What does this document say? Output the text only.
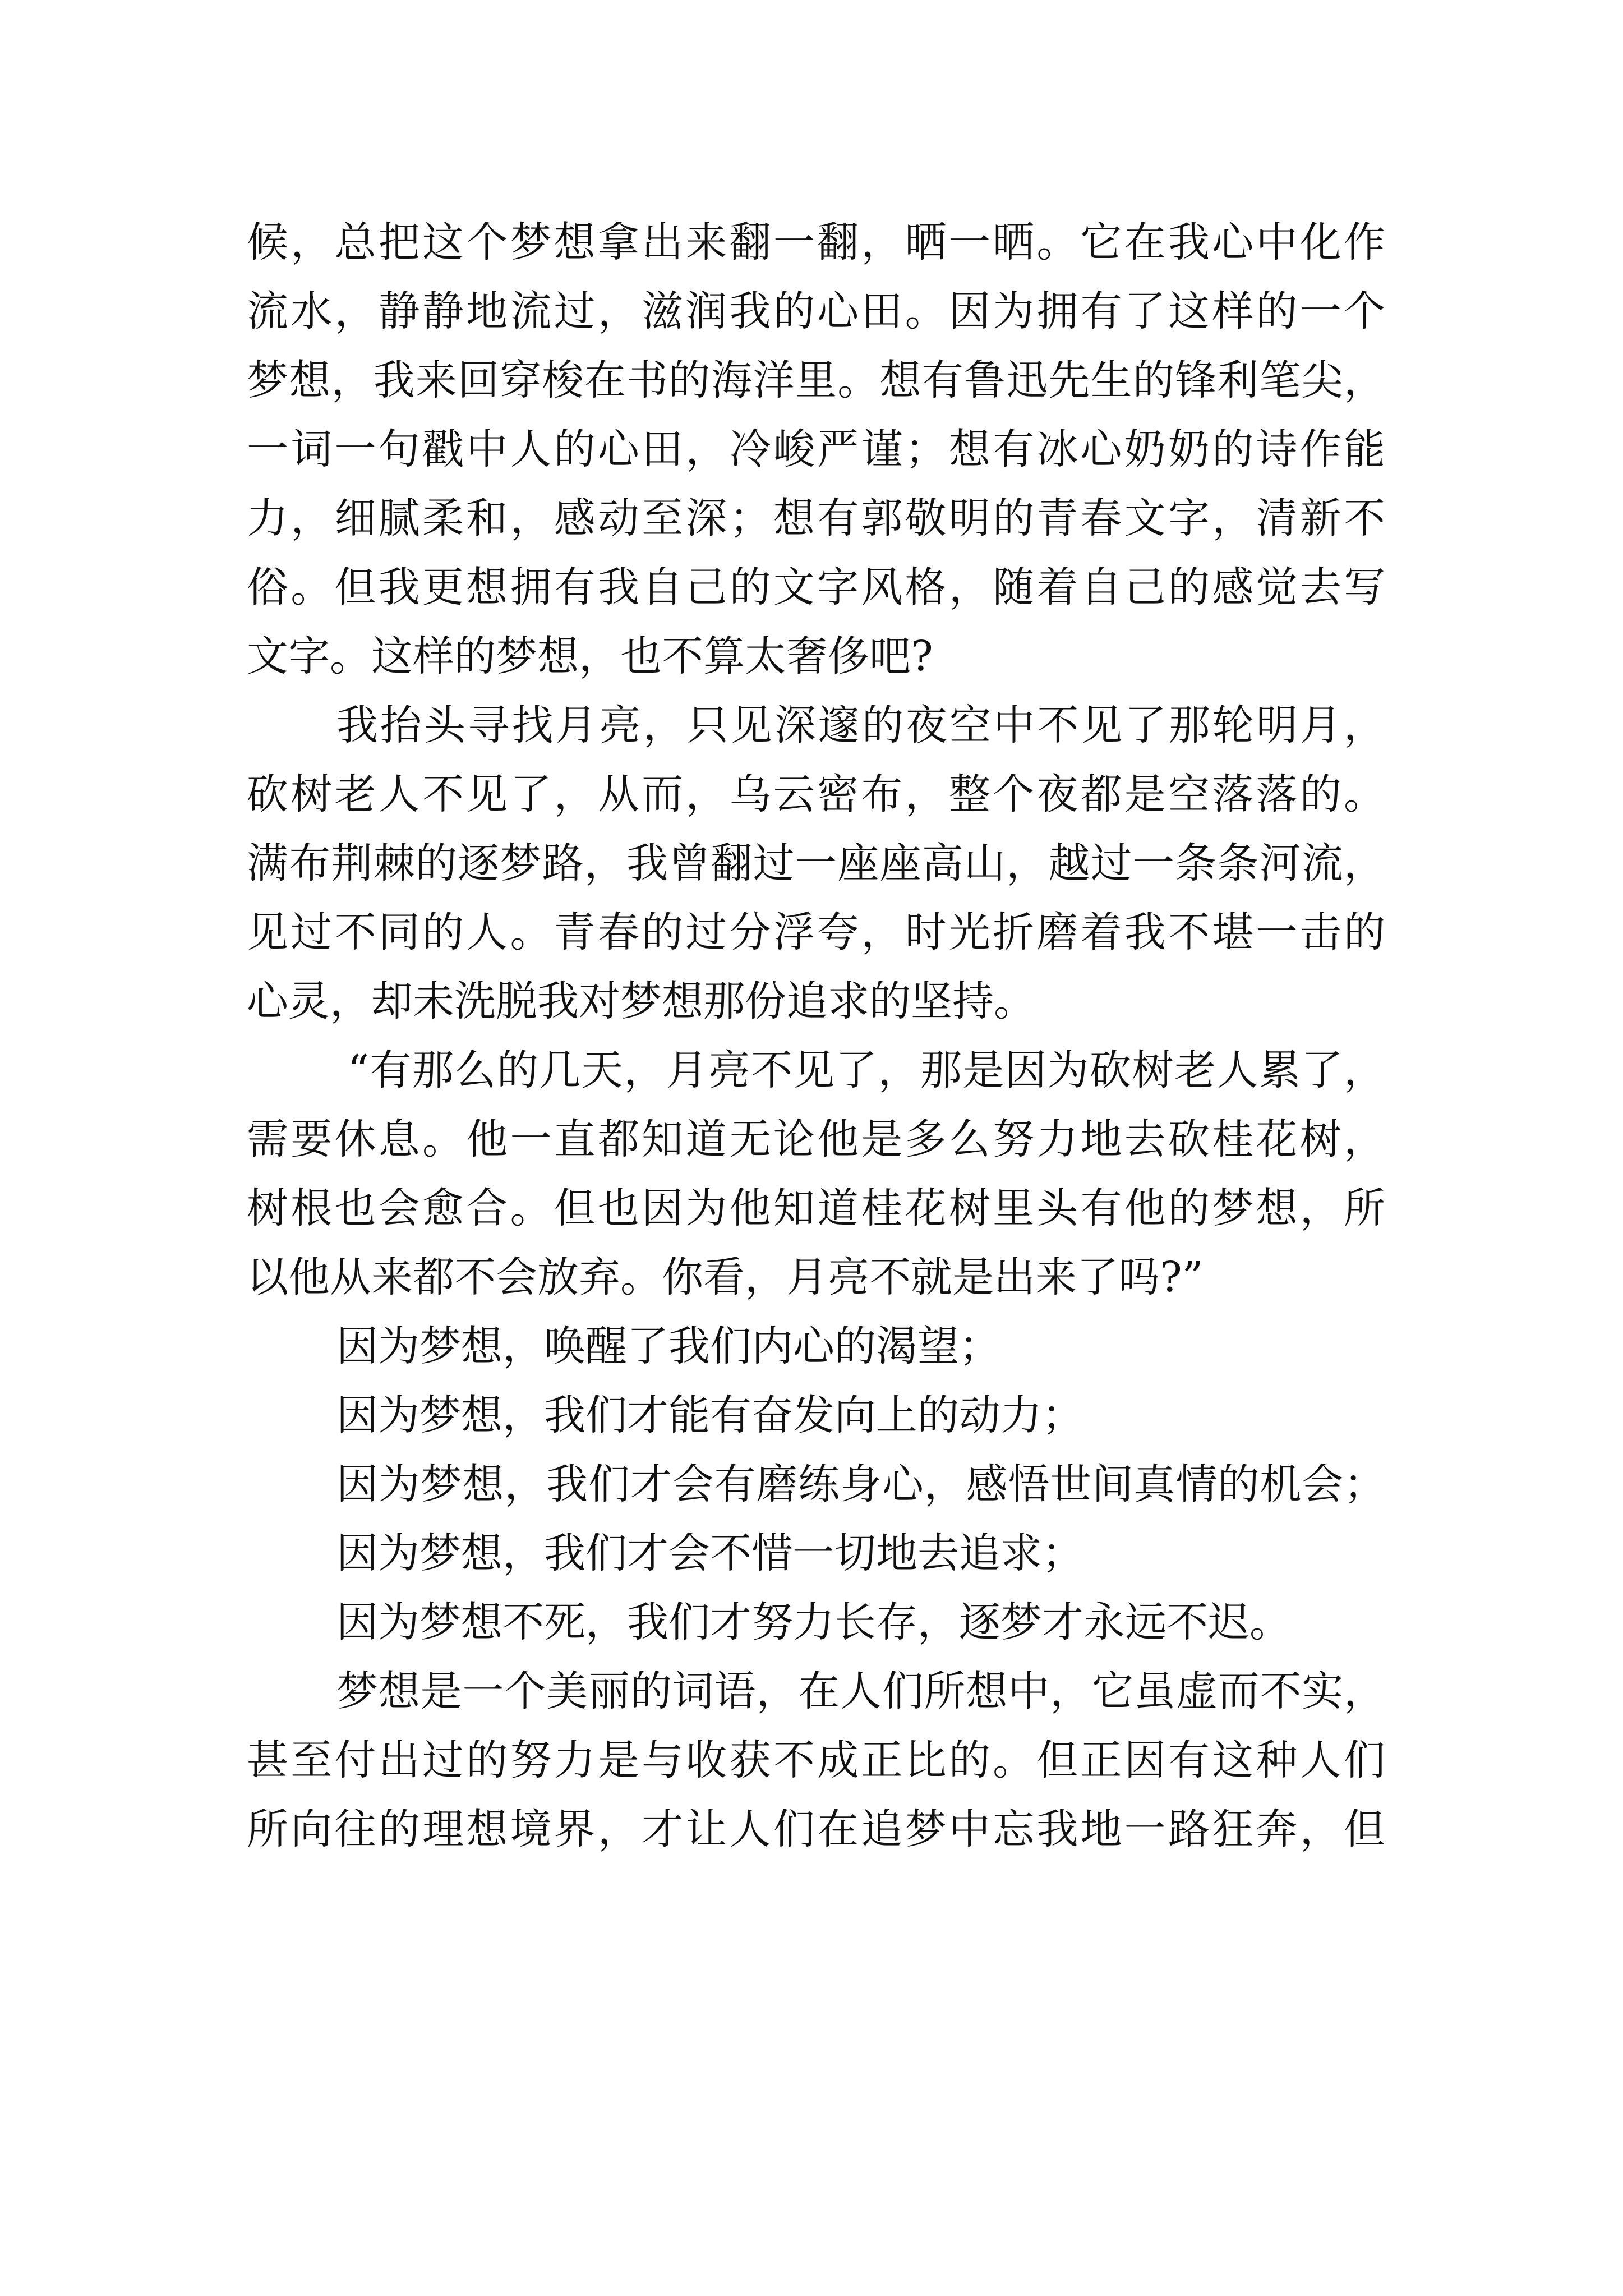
候，总把这个梦想拿出来翻一翻，晒一晒。它在我心中化作
流水，静静地流过，滋润我的心田。因为拥有了这样的一个
梦想，我来回穿梭在书的海洋里。想有鲁迅先生的锋利笔尖，
一词一句戳中人的心田，冷峻严谨；想有冰心奶奶的诗作能
力，细腻柔和，感动至深；想有郭敬明的青春文字，清新不
俗。但我更想拥有我自己的文字风格，随着自己的感觉去写
文字。这样的梦想，也不算太奢侈吧?
我抬头寻找月亮，只见深邃的夜空中不见了那轮明月，
砍树老人不见了，从而，乌云密布，整个夜都是空落落的。
满布荆棘的逐梦路，我曾翻过一座座高山，越过一条条河流，
见过不同的人。青春的过分浮夸，时光折磨着我不堪一击的
心灵，却未洗脱我对梦想那份追求的坚持。
“有那么的几天，月亮不见了，那是因为砍树老人累了，
需要休息。他一直都知道无论他是多么努力地去砍桂花树，
树根也会愈合。但也因为他知道桂花树里头有他的梦想，所
以他从来都不会放弃。你看，月亮不就是出来了吗?”
因为梦想，唤醒了我们内心的渴望；
因为梦想，我们才能有奋发向上的动力；
因为梦想，我们才会有磨练身心，感悟世间真情的机会；
因为梦想，我们才会不惜一切地去追求；
因为梦想不死，我们才努力长存，逐梦才永远不迟。
梦想是一个美丽的词语，在人们所想中，它虽虚而不实，
甚至付出过的努力是与收获不成正比的。但正因有这种人们
所向往的理想境界，才让人们在追梦中忘我地一路狂奔，但
